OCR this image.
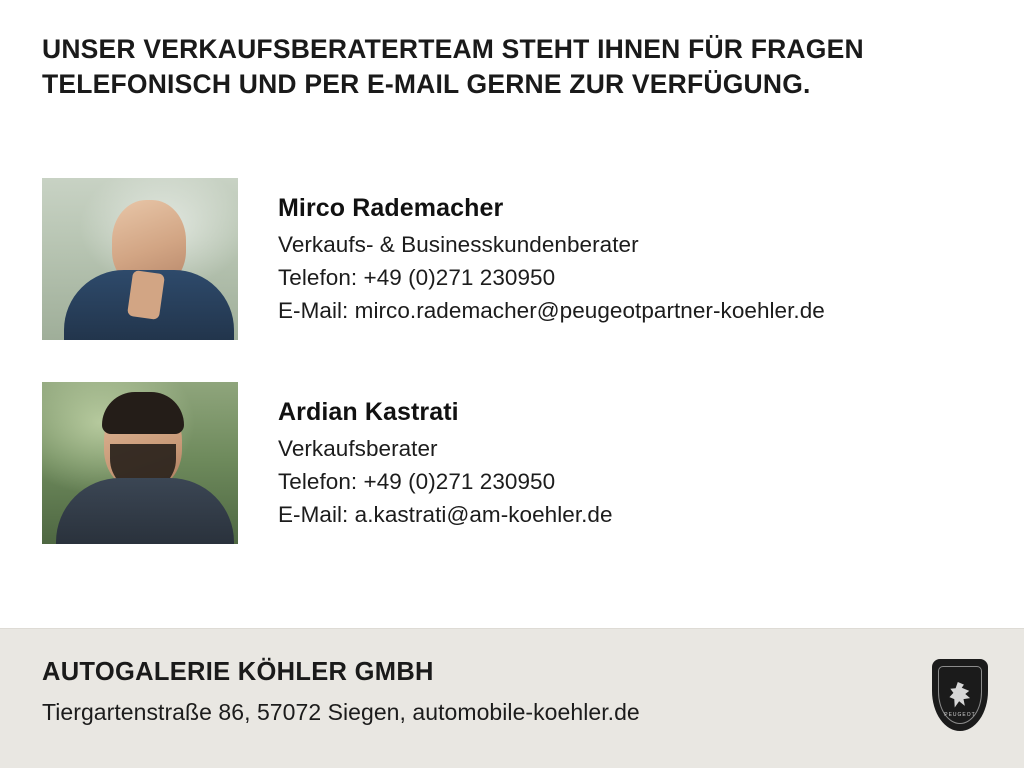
UNSER VERKAUFSBERATERTEAM STEHT IHNEN FÜR FRAGEN
TELEFONISCH UND PER E-MAIL GERNE ZUR VERFÜGUNG.
Mirco Rademacher
Verkaufs- & Businesskundenberater
Telefon: +49 (0)271 230950
E-Mail: mirco.rademacher@peugeotpartner-koehler.de
Ardian Kastrati
Verkaufsberater
Telefon: +49 (0)271 230950
E-Mail: a.kastrati@am-koehler.de
AUTOGALERIE KÖHLER GMBH
Tiergartenstraße 86, 57072 Siegen, automobile-koehler.de	PEUGEOT
